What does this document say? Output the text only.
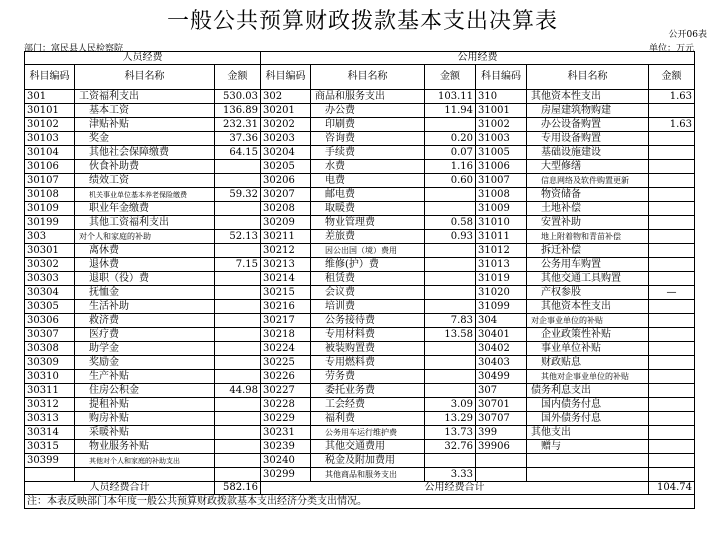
一般公共预算财政拨款基本支出决算表
公开06表
部门：富民县人民检察院	单位：万元
人员经费			公用经费					
科目编码	科目名称	金额	科目编码	科目名称	金额	科目编码	科目名称	金额
301	工资福利支出	530.03	302	商品和服务支出	103.11	310	其他资本性支出	1.63
30101	基本工资	136.89	30201	办公费	11.94	31001	房屋建筑物购建	
30102	津贴补贴	232.31	30202	印刷费		31002	办公设备购置	1.63
30103	奖金	37.36	30203	咨询费	0.20	31003	专用设备购置	
30104	其他社会保障缴费	64.15	30204	手续费	0.07	31005	基础设施建设	
30106	伙食补助费		30205	水费	1.16	31006	大型修缮	
30107	绩效工资		30206	电费	0.60	31007	信息网络及软件购置更新	
30108	机关事业单位基本养老保险缴费	59.32	30207	邮电费		31008	物资储备	
30109	职业年金缴费		30208	取暖费		31009	土地补偿	
30199	其他工资福利支出		30209	物业管理费	0.58	31010	安置补助	
303	对个人和家庭的补助	52.13	30211	差旅费	0.93	31011	地上附着物和青苗补偿	
30301	离休费		30212	因公出国（境）费用		31012	拆迁补偿	
30302	退休费	7.15	30213	维修(护）费		31013	公务用车购置	
30303	退职（役）费		30214	租赁费		31019	其他交通工具购置	
30304	抚恤金		30215	会议费		31020	产权参股	—
30305	生活补助		30216	培训费		31099	其他资本性支出	
30306	救济费		30217	公务接待费	7.83	304	对企事业单位的补贴	
30307	医疗费		30218	专用材料费	13.58	30401	企业政策性补贴	
30308	助学金		30224	被装购置费		30402	事业单位补贴	
30309	奖励金		30225	专用燃料费		30403	财政贴息	
30310	生产补贴		30226	劳务费		30499	其他对企事业单位的补贴	
30311	住房公积金	44.98	30227	委托业务费		307	债务利息支出	
30312	提租补贴		30228	工会经费	3.09	30701	国内债务付息	
30313	购房补贴		30229	福利费	13.29	30707	国外债务付息	
30314	采暖补贴		30231	公务用车运行维护费	13.73	399	其他支出	
30315	物业服务补贴		30239	其他交通费用	32.76	39906	赠与	
30399	其他对个人和家庭的补助支出		30240	税金及附加费用				
			30299	其他商品和服务支出	3.33			
人员经费合计		582.16	公用经费合计					104.74
注：本表反映部门本年度一般公共预算财政拨款基本支出经济分类支出情况。								
